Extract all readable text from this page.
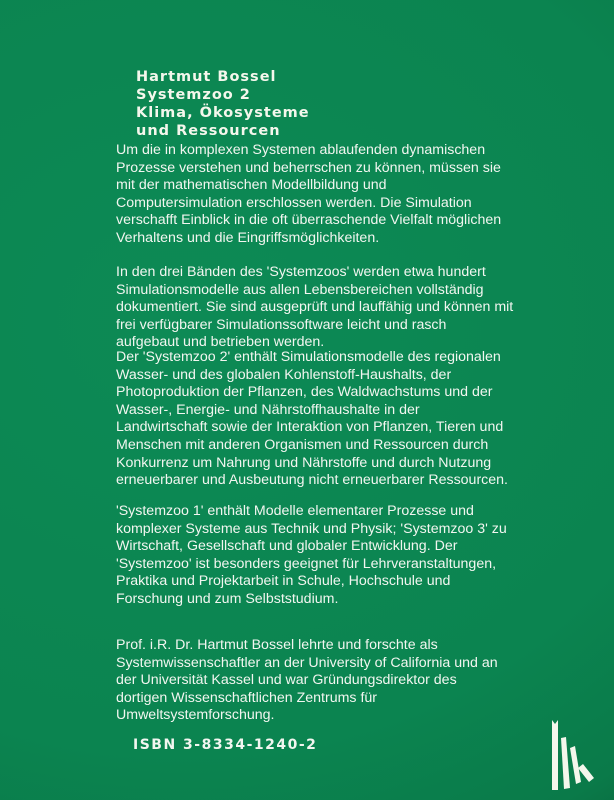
Hartmut Bossel
Systemzoo 2
Klima, Ökosysteme
und Ressourcen
Um die in komplexen Systemen ablaufenden dynamischen
Prozesse verstehen und beherrschen zu können, müssen sie
mit der mathematischen Modellbildung und
Computersimulation erschlossen werden. Die Simulation
verschafft Einblick in die oft überraschende Vielfalt möglichen
Verhaltens und die Eingriffsmöglichkeiten.
In den drei Bänden des 'Systemzoos' werden etwa hundert
Simulationsmodelle aus allen Lebensbereichen vollständig
dokumentiert. Sie sind ausgeprüft und lauffähig und können mit
frei verfügbarer Simulationssoftware leicht und rasch
aufgebaut und betrieben werden.
Der 'Systemzoo 2' enthält Simulationsmodelle des regionalen
Wasser- und des globalen Kohlenstoff-Haushalts, der
Photoproduktion der Pflanzen, des Waldwachstums und der
Wasser-, Energie- und Nährstoffhaushalte in der
Landwirtschaft sowie der Interaktion von Pflanzen, Tieren und
Menschen mit anderen Organismen und Ressourcen durch
Konkurrenz um Nahrung und Nährstoffe und durch Nutzung
erneuerbarer und Ausbeutung nicht erneuerbarer Ressourcen.
'Systemzoo 1' enthält Modelle elementarer Prozesse und
komplexer Systeme aus Technik und Physik; 'Systemzoo 3' zu
Wirtschaft, Gesellschaft und globaler Entwicklung. Der
'Systemzoo' ist besonders geeignet für Lehrveranstaltungen,
Praktika und Projektarbeit in Schule, Hochschule und
Forschung und zum Selbststudium.
Prof. i.R. Dr. Hartmut Bossel lehrte und forschte als
Systemwissenschaftler an der University of California und an
der Universität Kassel und war Gründungsdirektor des
dortigen Wissenschaftlichen Zentrums für
Umweltsystemforschung.
ISBN 3-8334-1240-2
